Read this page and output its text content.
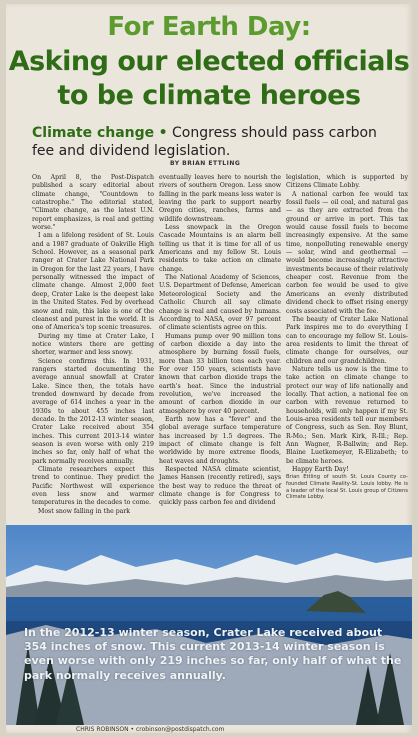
For Earth Day:
Asking our elected officials
to be climate heroes
Climate change • Congress should pass carbon fee and dividend legislation.
BY BRIAN ETTLING

On April 8, the Post-Dispatch published a scary editorial about climate change, "Countdown to catastrophe." The editorial stated, "Climate change, as the latest U.N. report emphasizes, is real and getting worse."

I am a lifelong resident of St. Louis and a 1987 graduate of Oakville High School. However, as a seasonal park ranger at Crater Lake National Park in Oregon for the last 22 years, I have personally witnessed the impact of climate change. Almost 2,000 feet deep, Crater Lake is the deepest lake in the United States. Fed by overhead snow and rain, this lake is one of the cleanest and purest in the world. It is one of America's top scenic treasures.

During my time at Crater Lake, I notice winters there are getting shorter, warmer and less snowy.

Science confirms this. In 1931, rangers started documenting the average annual snowfall at Crater Lake. Since then, the totals have trended downward by decade from average of 614 inches a year in the 1930s to about 455 inches last decade. In the 2012-13 winter season, Crater Lake received about 354 inches. This current 2013-14 winter season is even worse with only 219 inches so far, only half of what the park normally receives annually.

Climate researchers expect this trend to continue. They predict the Pacific Northwest will experience even less snow and warmer temperatures in the decades to come.

Most snow falling in the park

eventually leaves here to nourish the rivers of southern Oregon. Less snow falling in the park means less water is leaving the park to support nearby Oregon cities, ranches, farms and wildlife downstream.

Less snowpack in the Oregon Cascade Mountains is an alarm bell telling us that it is time for all of us Americans and my fellow St. Louis residents to take action on climate change.

The National Academy of Sciences, U.S. Department of Defense, American Meteorological Society and the Catholic Church all say climate change is real and caused by humans. According to NASA, over 97 percent of climate scientists agree on this.

Humans pump over 90 million tons of carbon dioxide a day into the atmosphere by burning fossil fuels, more than 33 billion tons each year. For over 150 years, scientists have known that carbon dioxide traps the earth's heat. Since the industrial revolution, we've increased the amount of carbon dioxide in our atmosphere by over 40 percent.

Earth now has a "fever" and the global average surface temperature has increased by 1.5 degrees. The impact of climate change is felt worldwide by more extreme floods, heat waves and droughts.

Respected NASA climate scientist, James Hansen (recently retired), says the best way to reduce the threat of climate change is for Congress to quickly pass carbon fee and dividend

legislation, which is supported by Citizens Climate Lobby.

A national carbon fee would tax fossil fuels — oil coal, and natural gas — as they are extracted from the ground or arrive in port. This tax would cause fossil fuels to become increasingly expensive. At the same time, nonpolluting renewable energy — solar, wind and geothermal — would become increasingly attractive investments because of their relatively cheaper cost. Revenue from the carbon fee would be used to give Americans an evenly distributed dividend check to offset rising energy costs associated with the fee.

The beauty of Crater Lake National Park inspires me to do everything I can to encourage my fellow St. Louis-area residents to limit the threat of climate change for ourselves, our children and our grandchildren.

Nature tells us now is the time to take action on climate change to protect our way of life nationally and locally. That action, a national fee on carbon with revenue returned to households, will only happen if my St. Louis-area residents tell our members of Congress, such as Sen. Roy Blunt, R-Mo.; Sen. Mark Kirk, R-Ill.; Rep. Ann Wagner, R-Ballwin; and Rep. Blaine Luetkemeyer, R-Elizabeth; to be climate heroes.

Happy Earth Day!

Brian Ettling of south St. Louis County co-founded Climate Reality-St. Louis lobby. He is a leader of the local St. Louis group of Citizens Climate Lobby.

In the 2012-13 winter season, Crater Lake received about 354 inches of snow. This current 2013-14 winter season is even worse with only 219 inches so far, only half of what the park normally receives annually.
CHRIS ROBINSON • crobinson@postdispatch.com
